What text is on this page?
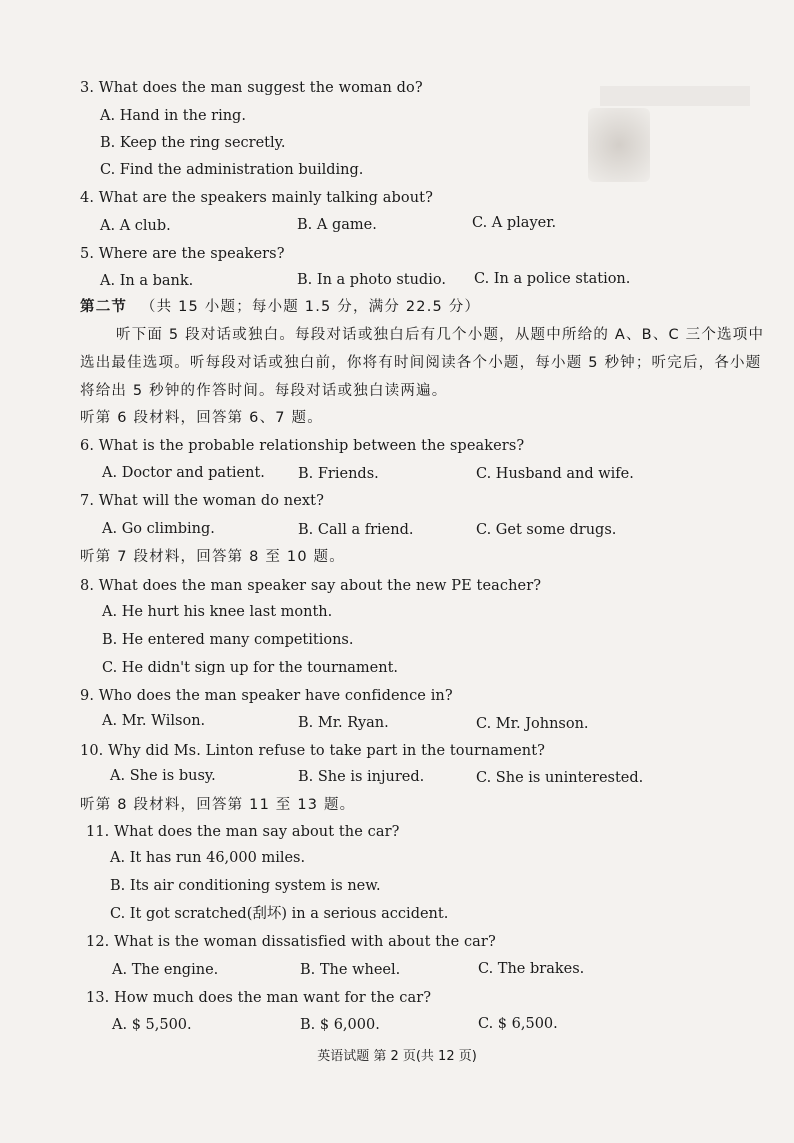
3. What does the man suggest the woman do?
A. Hand in the ring.
B. Keep the ring secretly.
C. Find the administration building.
4. What are the speakers mainly talking about?
A. A club.	B. A game.	C. A player.
5. Where are the speakers?
A. In a bank.	B. In a photo studio. C. In a police station.
第二节 （共 15 小题；每小题 1.5 分，满分 22.5 分）
听下面 5 段对话或独白。每段对话或独白后有几个小题，从题中所给的 A、B、C 三个选项中
选出最佳选项。听每段对话或独白前，你将有时间阅读各个小题，每小题 5 秒钟；听完后，各小题
将给出 5 秒钟的作答时间。每段对话或独白读两遍。
听第 6 段材料，回答第 6、7 题。
6. What is the probable relationship between the speakers?
A. Doctor and patient. B. Friends.	C. Husband and wife.
7. What will the woman do next?
A. Go climbing.	B. Call a friend.	C. Get some drugs.
听第 7 段材料，回答第 8 至 10 题。
8. What does the man speaker say about the new PE teacher?
A. He hurt his knee last month.
B. He entered many competitions.
C. He didn't sign up for the tournament.
9. Who does the man speaker have confidence in?
A. Mr. Wilson.	B. Mr. Ryan.	C. Mr. Johnson.
10. Why did Ms. Linton refuse to take part in the tournament?
A. She is busy.	B. She is injured.	C. She is uninterested.
听第 8 段材料，回答第 11 至 13 题。
11. What does the man say about the car?
A. It has run 46,000 miles.
B. Its air conditioning system is new.
C. It got scratched(刮坏) in a serious accident.
12. What is the woman dissatisfied with about the car?
A. The engine.	B. The wheel.	C. The brakes.
13. How much does the man want for the car?
A. $ 5,500.	B. $ 6,000.	C. $ 6,500.
英语试题 第 2 页(共 12 页)
